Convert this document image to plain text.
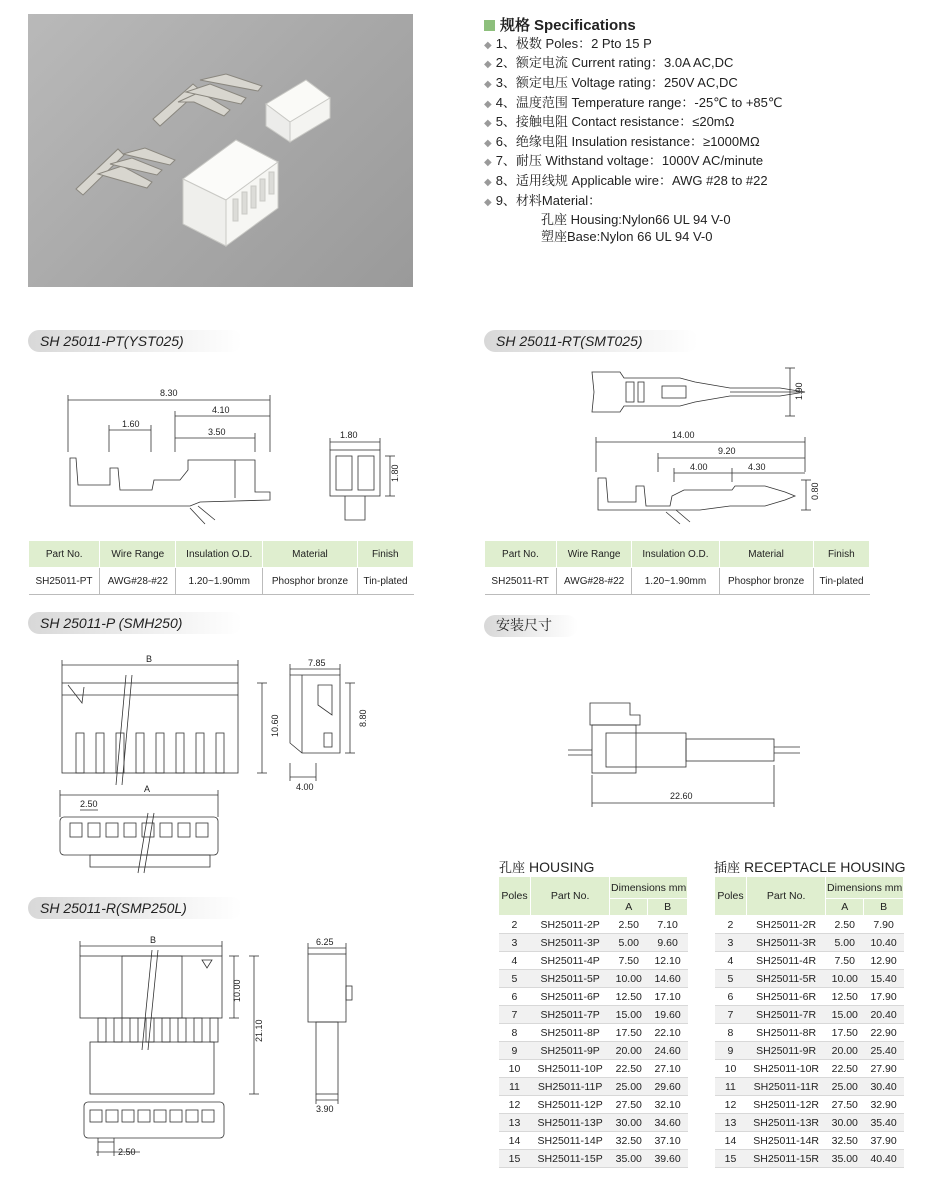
规格 Specifications
◆ 1、极数 Poles：2 Pto 15 P
◆ 2、额定电流 Current rating：3.0A AC,DC
◆ 3、额定电压 Voltage rating：250V AC,DC
◆ 4、温度范围 Temperature range：-25℃ to +85℃
◆ 5、接触电阻 Contact resistance：≤20mΩ
◆ 6、绝缘电阻 Insulation resistance：≥1000MΩ
◆ 7、耐压 Withstand voltage：1000V AC/minute
◆ 8、适用线规 Applicable wire：AWG #28 to #22
◆ 9、材料Material：
孔座 Housing:Nylon66 UL 94 V-0
塑座Base:Nylon 66 UL 94 V-0
SH 25011-PT(YST025)	SH 25011-RT(SMT025)
SH 25011-P (SMH250)	安装尺寸
SH 25011-R(SMP250L)
8.30
4.10
1.60
3.50	1.80
1.80
Part No.	Wire Range	Insulation O.D.	Material	Finish
SH25011-PT	AWG#28-#22	1.20~1.90mm	Phosphor bronze	Tin-plated
1.90
14.00
9.20
4.00	4.30
0.80
Part No.	Wire Range	Insulation O.D.	Material	Finish
SH25011-RT	AWG#28-#22	1.20~1.90mm	Phosphor bronze	Tin-plated
B
10.60
7.85
8.80
4.00
A
2.50
22.60
B
10.00
21.10
6.25
3.90
2.50
孔座 HOUSING
Poles	Part No.	Dimensions mm	
		A	B
2	SH25011-2P	2.50	7.10
3	SH25011-3P	5.00	9.60
4	SH25011-4P	7.50	12.10
5	SH25011-5P	10.00	14.60
6	SH25011-6P	12.50	17.10
7	SH25011-7P	15.00	19.60
8	SH25011-8P	17.50	22.10
9	SH25011-9P	20.00	24.60
10	SH25011-10P	22.50	27.10
11	SH25011-11P	25.00	29.60
12	SH25011-12P	27.50	32.10
13	SH25011-13P	30.00	34.60
14	SH25011-14P	32.50	37.10
15	SH25011-15P	35.00	39.60
插座 RECEPTACLE HOUSING
Poles	Part No.	Dimensions mm	
		A	B
2	SH25011-2R	2.50	7.90
3	SH25011-3R	5.00	10.40
4	SH25011-4R	7.50	12.90
5	SH25011-5R	10.00	15.40
6	SH25011-6R	12.50	17.90
7	SH25011-7R	15.00	20.40
8	SH25011-8R	17.50	22.90
9	SH25011-9R	20.00	25.40
10	SH25011-10R	22.50	27.90
11	SH25011-11R	25.00	30.40
12	SH25011-12R	27.50	32.90
13	SH25011-13R	30.00	35.40
14	SH25011-14R	32.50	37.90
15	SH25011-15R	35.00	40.40
